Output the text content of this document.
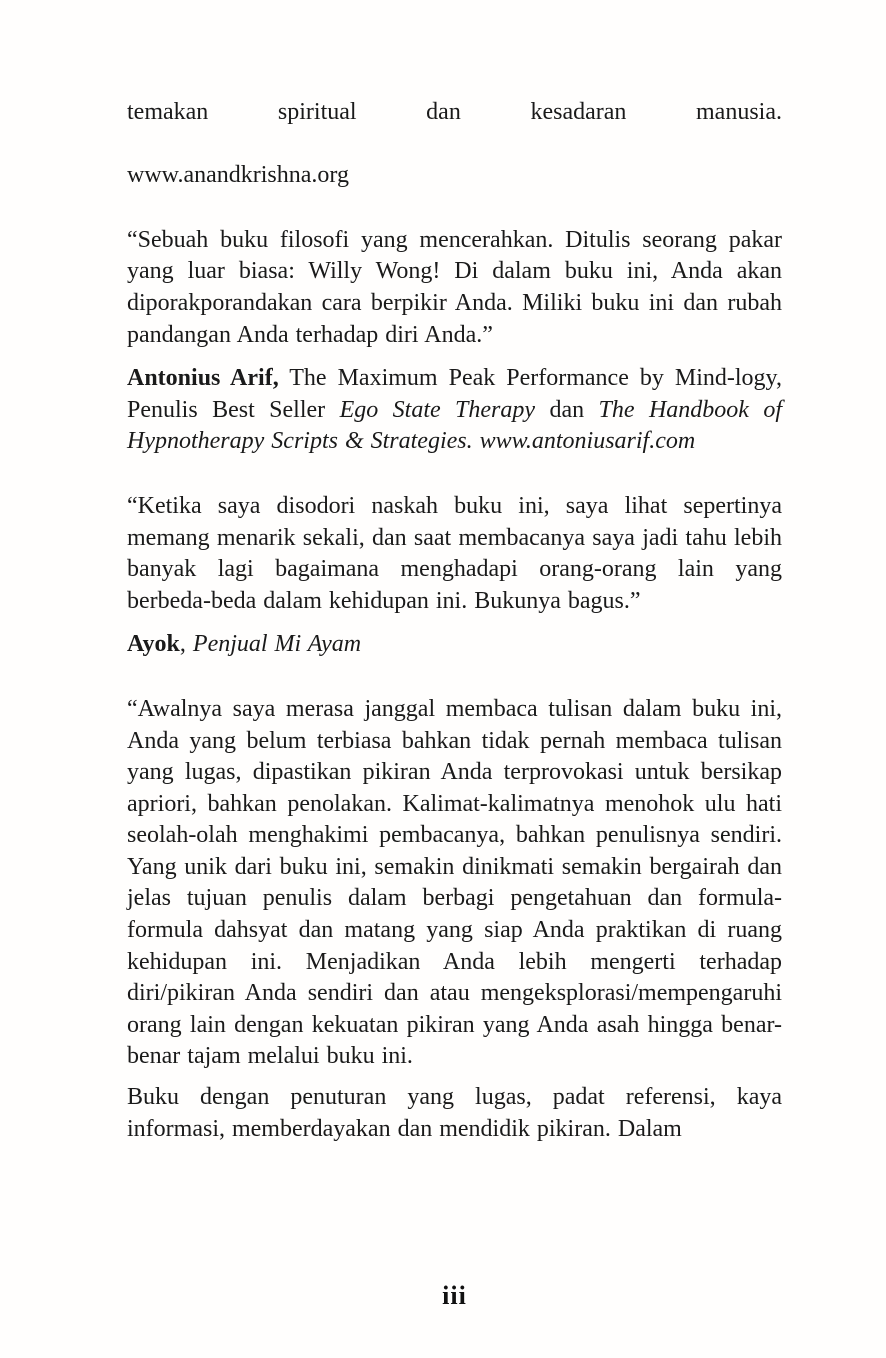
temakan spiritual dan kesadaran manusia.
www.anandkrishna.org

“Sebuah buku filosofi yang mencerahkan. Ditulis seorang pakar yang luar biasa: Willy Wong! Di dalam buku ini, Anda akan diporakporandakan cara berpikir Anda. Miliki buku ini dan rubah pandangan Anda terhadap diri Anda.”

Antonius Arif, The Maximum Peak Performance by Mind-logy, Penulis Best Seller Ego State Therapy dan The Handbook of Hypnotherapy Scripts & Strategies. www.antoniusarif.com

“Ketika saya disodori naskah buku ini, saya lihat sepertinya memang menarik sekali, dan saat membacanya saya jadi tahu lebih banyak lagi bagaimana menghadapi orang-orang lain yang berbeda-beda dalam kehidupan ini. Bukunya bagus.”

Ayok, Penjual Mi Ayam

“Awalnya saya merasa janggal membaca tulisan dalam buku ini, Anda yang belum terbiasa bahkan tidak pernah membaca tulisan yang lugas, dipastikan pikiran Anda terprovokasi untuk bersikap apriori, bahkan penolakan. Kalimat-kalimatnya menohok ulu hati seolah-olah menghakimi pembacanya, bahkan penulisnya sendiri. Yang unik dari buku ini, semakin dinikmati semakin bergairah dan jelas tujuan penulis dalam berbagi pengetahuan dan formula-formula dahsyat dan matang yang siap Anda praktikan di ruang kehidupan ini. Menjadikan Anda lebih mengerti terhadap diri/pikiran Anda sendiri dan atau mengeksplorasi/mempengaruhi orang lain dengan kekuatan pikiran yang Anda asah hingga benar-benar tajam melalui buku ini.

Buku dengan penuturan yang lugas, padat referensi, kaya informasi, memberdayakan dan mendidik pikiran. Dalam

iii
